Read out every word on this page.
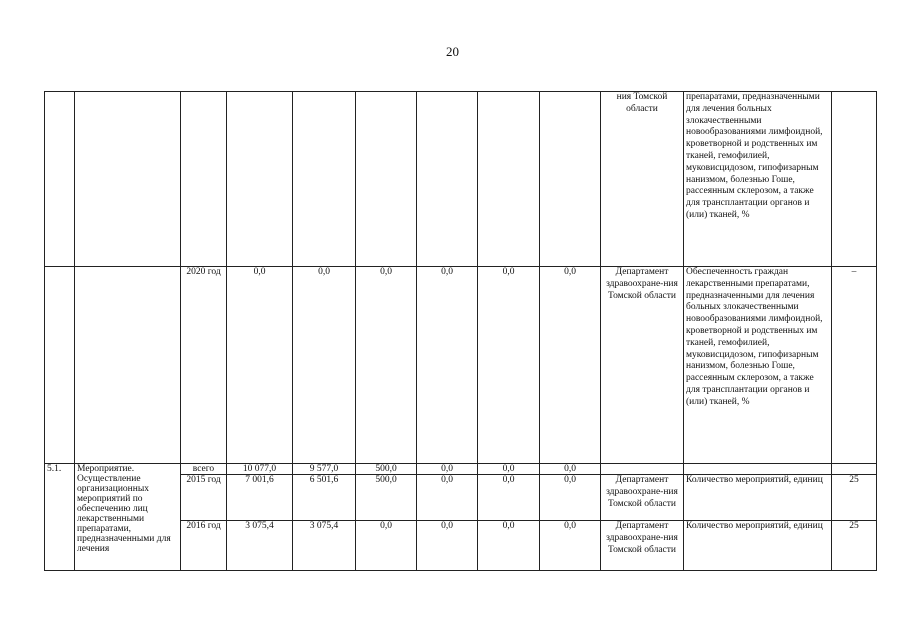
20
									ния Томской области	препаратами, предназначенными для лечения больных злокачественными новообразованиями лимфоидной, кроветворной и родственных им тканей, гемофилией, муковисцидозом, гипофизарным нанизмом, болезнью Гоше, рассеянным склерозом, а также для трансплантации органов и (или) тканей, %	
		2020 год	0,0	0,0	0,0	0,0	0,0	0,0	Департамент здравоохране-ния Томской области	Обеспеченность граждан лекарственными препаратами, предназначенными для лечения больных злокачественными новообразованиями лимфоидной, кроветворной и родственных им тканей, гемофилией, муковисцидозом, гипофизарным нанизмом, болезнью Гоше, рассеянным склерозом, а также для трансплантации органов и (или) тканей, %	–
5.1.	Мероприятие. Осуществление организационных мероприятий по обеспечению лиц лекарственными препаратами, предназначенными для лечения	всего	10 077,0	9 577,0	500,0	0,0	0,0	0,0			
		2015 год	7 001,6	6 501,6	500,0	0,0	0,0	0,0	Департамент здравоохране-ния Томской области	Количество мероприятий, единиц	25
		2016 год	3 075,4	3 075,4	0,0	0,0	0,0	0,0	Департамент здравоохране-ния Томской области	Количество мероприятий, единиц	25
